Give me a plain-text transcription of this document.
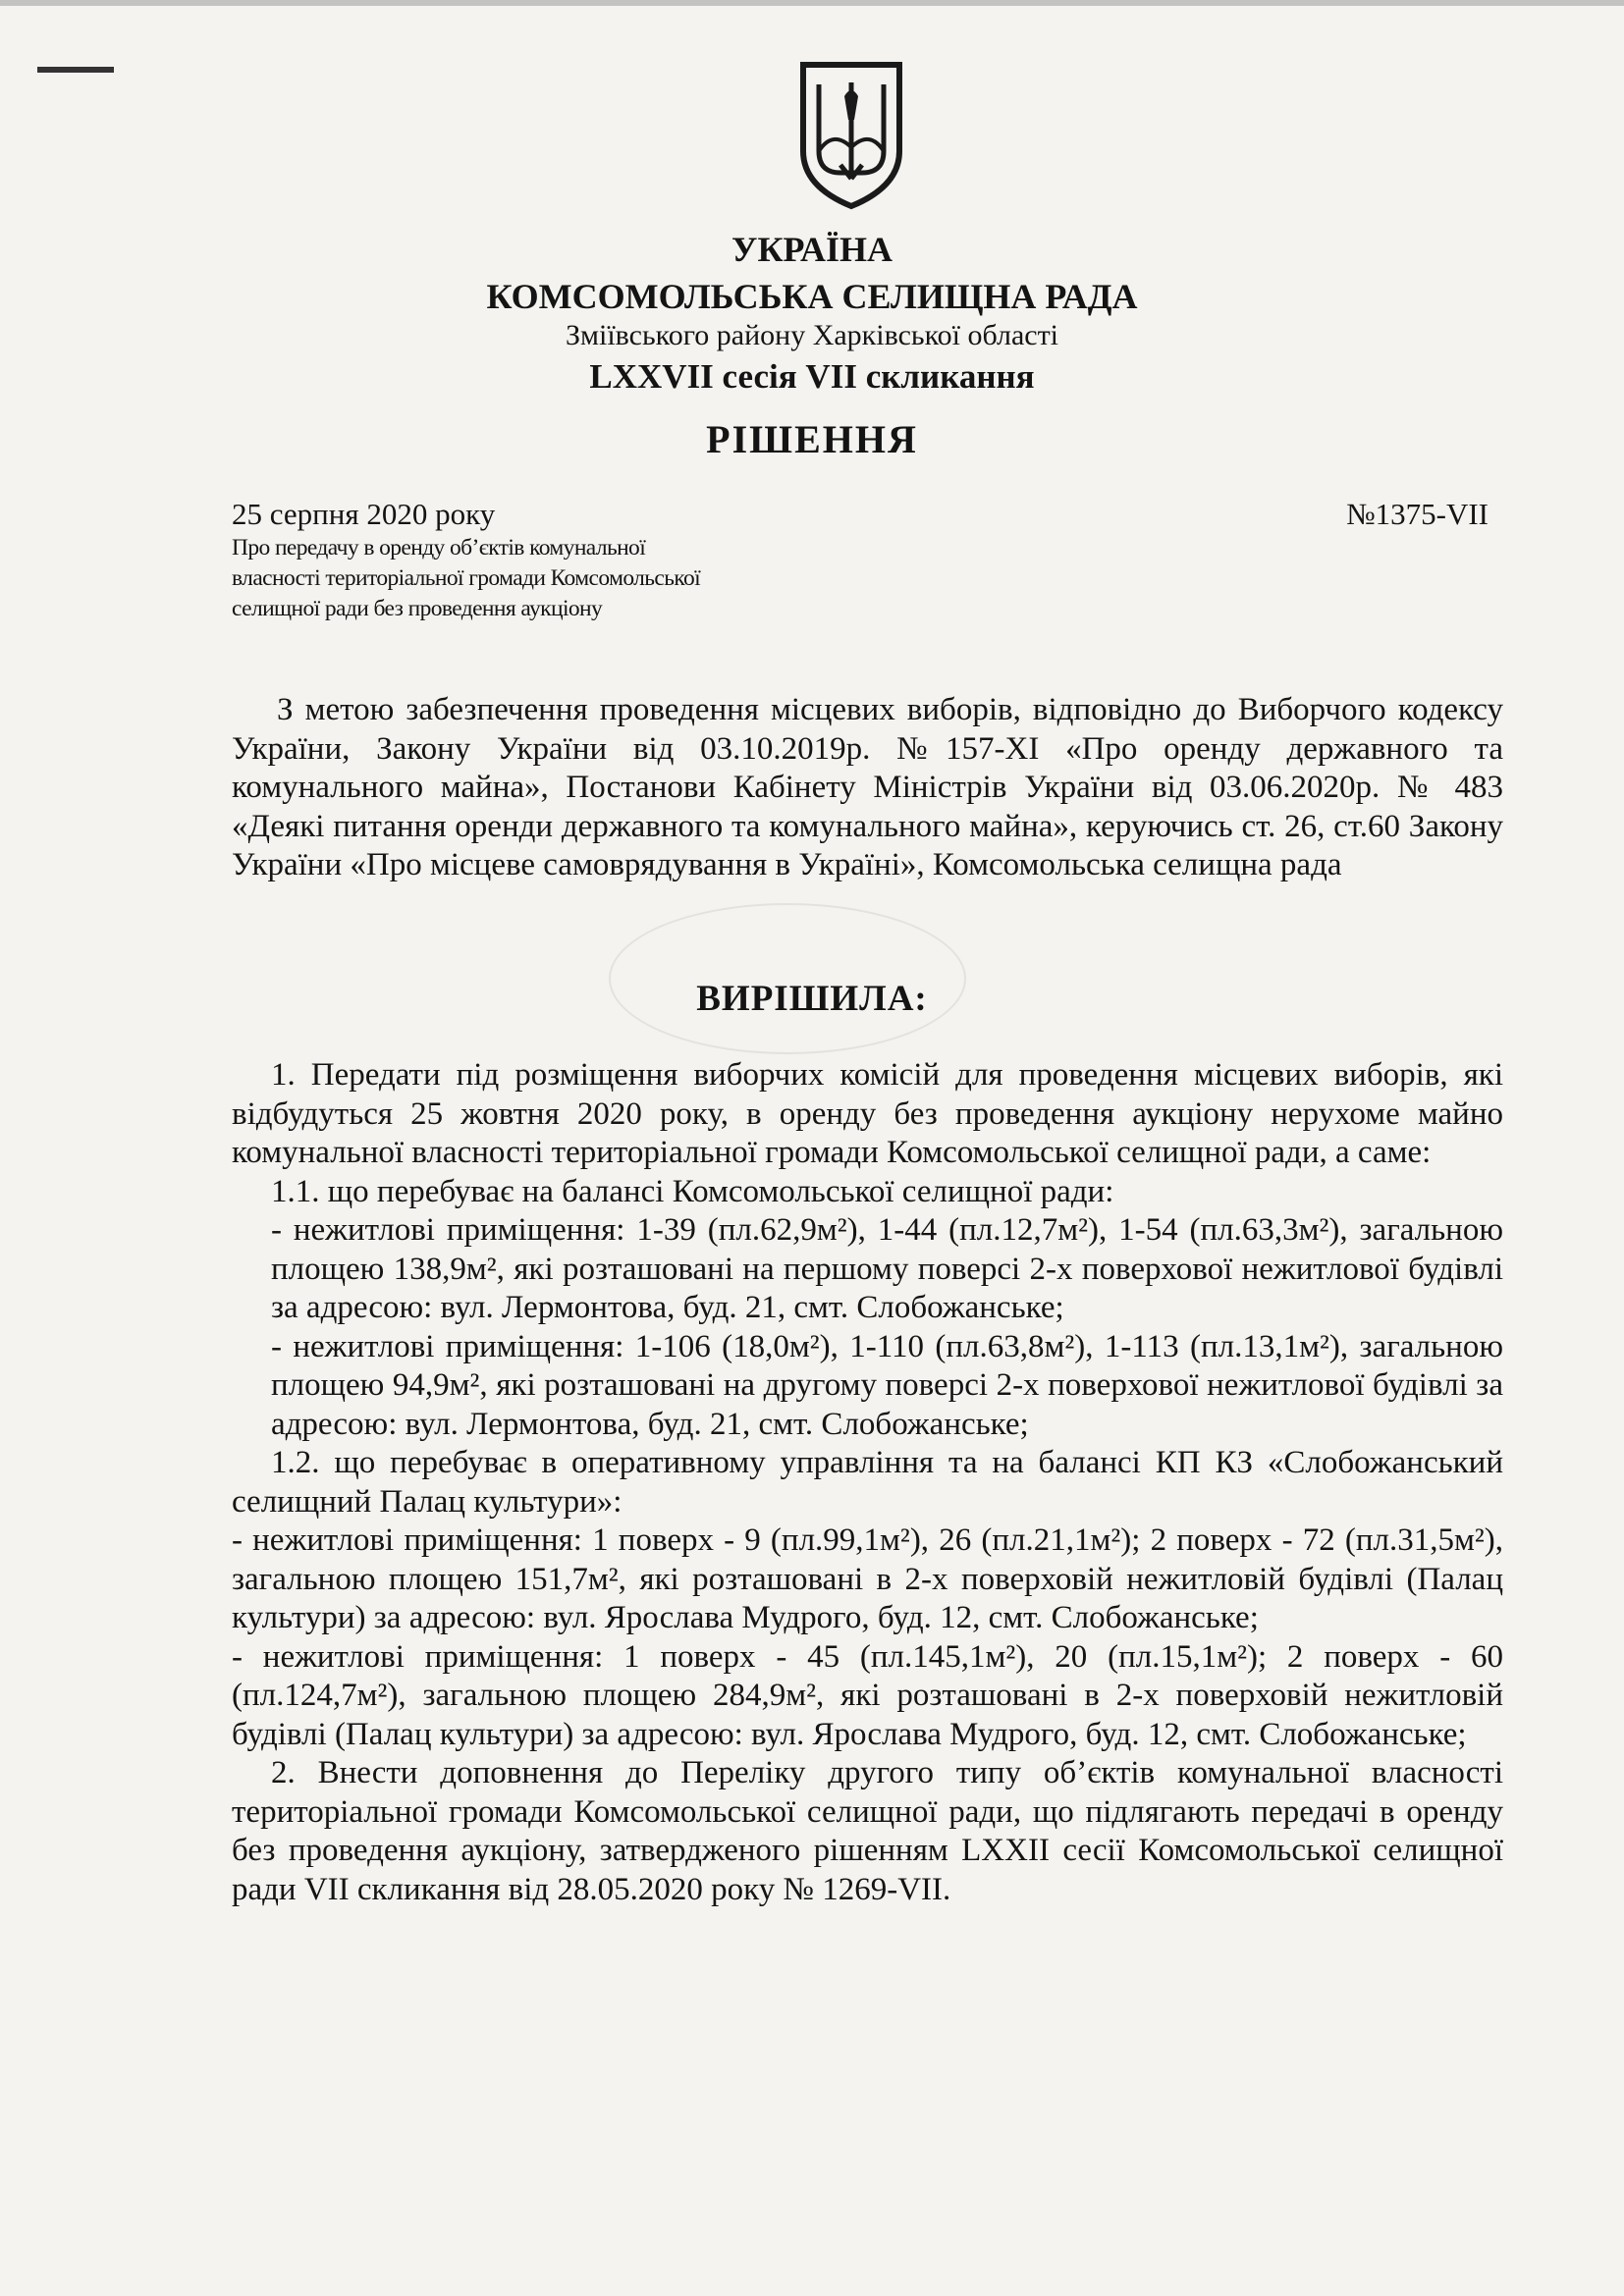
УКРАЇНА
КОМСОМОЛЬСЬКА СЕЛИЩНА РАДА
Зміївського району Харківської області
LXXVII сесія VII скликання
РІШЕННЯ
25 серпня 2020 року	№1375-VII
Про передачу в оренду об’єктів комунальної
власності територіальної громади Комсомольської
селищної ради без проведення аукціону

З метою забезпечення проведення місцевих виборів, відповідно до Виборчого кодексу України, Закону України від 03.10.2019р. №157-ХІ «Про оренду державного та комунального майна», Постанови Кабінету Міністрів України від 03.06.2020р. № 483 «Деякі питання оренди державного та комунального майна», керуючись ст. 26, ст.60 Закону України «Про місцеве самоврядування в Україні», Комсомольська селищна рада

ВИРІШИЛА:

1. Передати під розміщення виборчих комісій для проведення місцевих виборів, які відбудуться 25 жовтня 2020 року, в оренду без проведення аукціону нерухоме майно комунальної власності територіальної громади Комсомольської селищної ради, а саме:

1.1. що перебуває на балансі Комсомольської селищної ради:

- нежитлові приміщення: 1-39 (пл.62,9м²), 1-44 (пл.12,7м²), 1-54 (пл.63,3м²), загальною площею 138,9м², які розташовані на першому поверсі 2-х поверхової нежитлової будівлі за адресою: вул. Лермонтова, буд. 21, смт. Слобожанське;

- нежитлові приміщення: 1-106 (18,0м²), 1-110 (пл.63,8м²), 1-113 (пл.13,1м²), загальною площею 94,9м², які розташовані на другому поверсі 2-х поверхової нежитлової будівлі за адресою: вул. Лермонтова, буд. 21, смт. Слобожанське;

1.2. що перебуває в оперативному управління та на балансі КП КЗ «Слобожанський селищний Палац культури»:

- нежитлові приміщення: 1 поверх - 9 (пл.99,1м²), 26 (пл.21,1м²); 2 поверх - 72 (пл.31,5м²), загальною площею 151,7м², які розташовані в 2-х поверховій нежитловій будівлі (Палац культури) за адресою: вул. Ярослава Мудрого, буд. 12, смт. Слобожанське;

- нежитлові приміщення: 1 поверх - 45 (пл.145,1м²), 20 (пл.15,1м²); 2 поверх - 60 (пл.124,7м²), загальною площею 284,9м², які розташовані в 2-х поверховій нежитловій будівлі (Палац культури) за адресою: вул. Ярослава Мудрого, буд. 12, смт. Слобожанське;

2. Внести доповнення до Переліку другого типу об’єктів комунальної власності територіальної громади Комсомольської селищної ради, що підлягають передачі в оренду без проведення аукціону, затвердженого рішенням LXXII сесії Комсомольської селищної ради VII скликання від 28.05.2020 року № 1269-VII.
